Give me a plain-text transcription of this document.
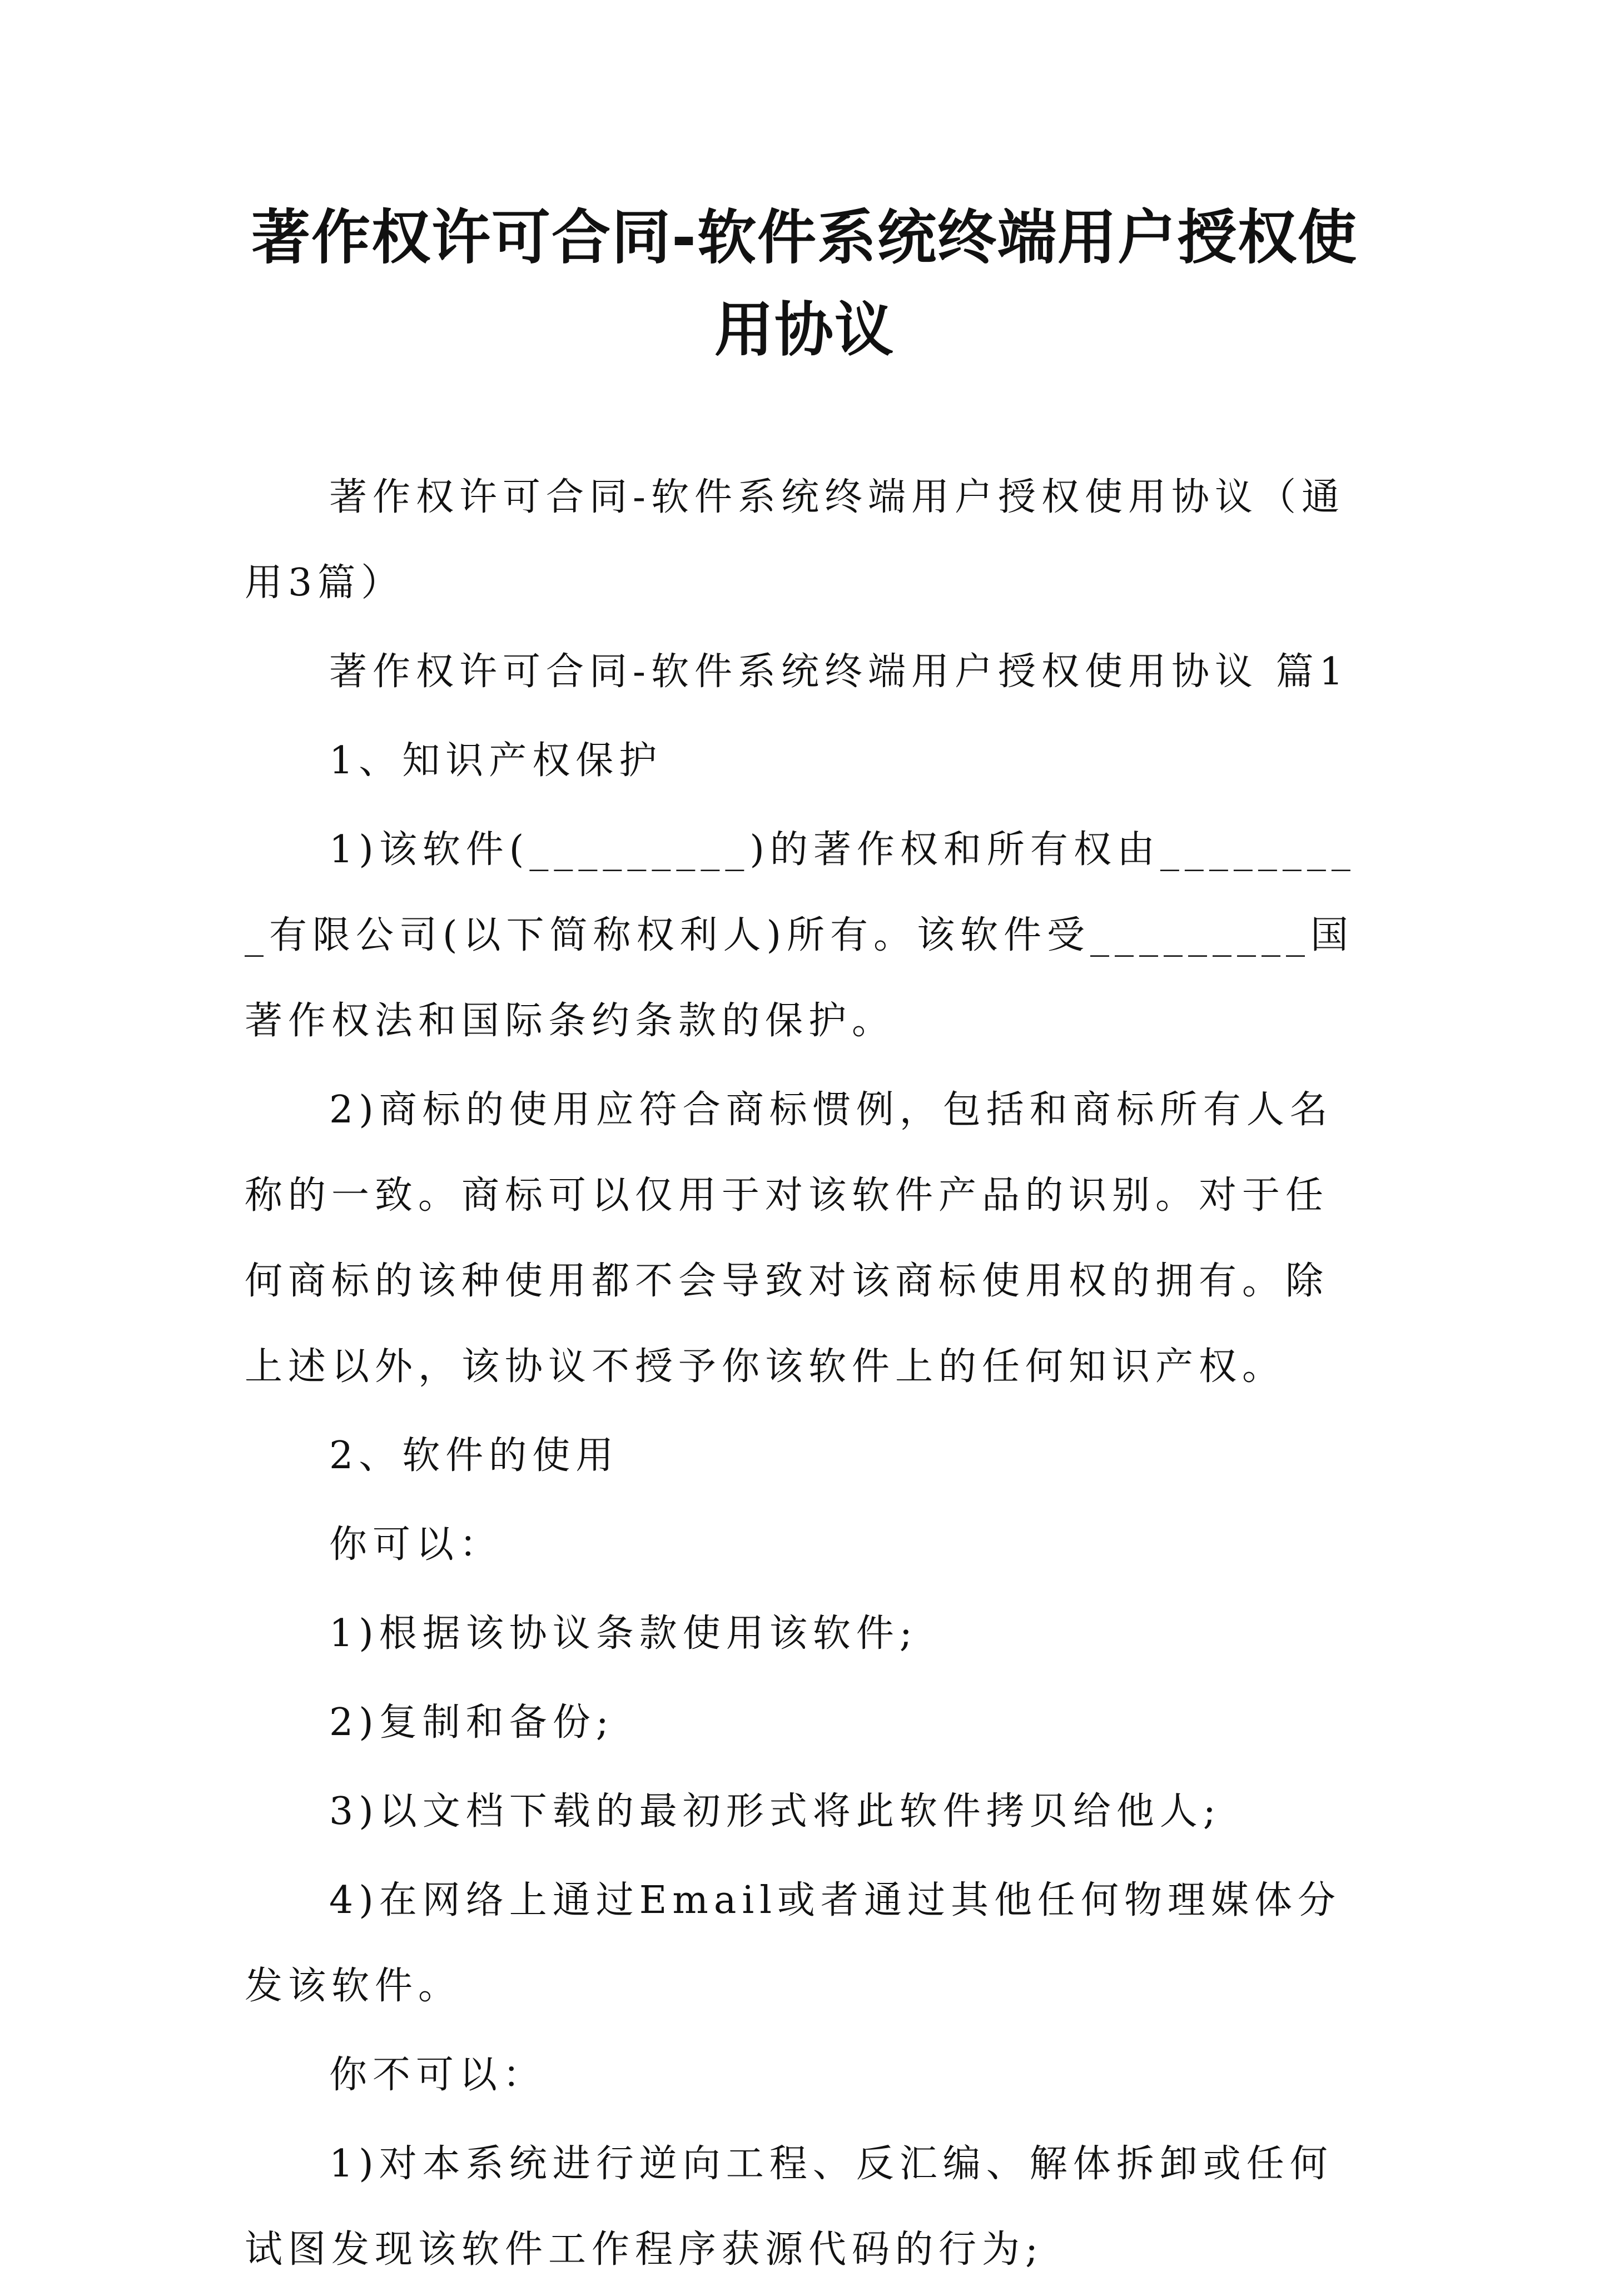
著作权许可合同-软件系统终端用户授权使用协议

著作权许可合同-软件系统终端用户授权使用协议（通用3篇）

著作权许可合同-软件系统终端用户授权使用协议 篇1

1、知识产权保护

1)该软件(_________)的著作权和所有权由_________有限公司(以下简称权利人)所有。该软件受_________国著作权法和国际条约条款的保护。

2)商标的使用应符合商标惯例，包括和商标所有人名称的一致。商标可以仅用于对该软件产品的识别。对于任何商标的该种使用都不会导致对该商标使用权的拥有。除上述以外，该协议不授予你该软件上的任何知识产权。

2、软件的使用

你可以：

1)根据该协议条款使用该软件;

2)复制和备份;

3)以文档下载的最初形式将此软件拷贝给他人;

4)在网络上通过Email或者通过其他任何物理媒体分发该软件。

你不可以：

1)对本系统进行逆向工程、反汇编、解体拆卸或任何试图发现该软件工作程序获源代码的行为;
